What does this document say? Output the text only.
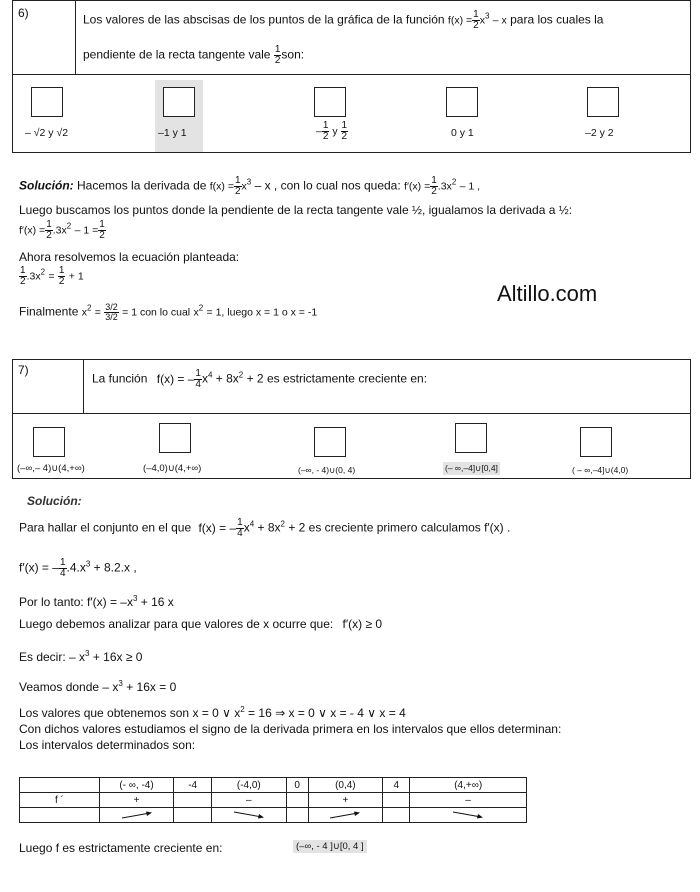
6)	Los valores de las abscisas de los puntos de la gráfica de la función $f(x) = \frac{1}{2} x^3 - x$ para los cuales la
pendiente de la recta tangente vale $\frac{1}{2}$ son:
– √2 y √2	–1 y 1	– $\frac{1}{2}$ y $\frac{1}{2}$	0 y 1	–2 y 2
Solución: Hacemos la derivada de $f(x) = \frac{1}{2} x^3 - x$ , con lo cual nos queda: $f'(x) = \frac{1}{2} .3x^2 - 1$ ,
Luego buscamos los puntos donde la pendiente de la recta tangente vale ½, igualamos la derivada a ½:
$f'(x) = \frac{1}{2} .3x^2 - 1 = \frac{1}{2}$
Ahora resolvemos la ecuación planteada:
$\frac{1}{2} .3x^2 = \frac{1}{2} + 1$
Finalmente $x^2 = \frac{3/2}{3/2} = 1$ con lo cual $x^2 = 1$, luego x = 1 o x = -1
Altillo.com
7)
La función f(x) = – $\frac{1}{4} x^4 + 8x^2 + 2$ es estrictamente creciente en:
(–∞,– 4)∪(4,+∞)	(–4,0)∪(4,+∞)	(–∞, - 4)∪(0, 4)	(– ∞,–4]∪[0,4]	( – ∞,–4]∪(4,0)
Solución:
Para hallar el conjunto en el que f(x) = – $\frac{1}{4} x^4 + 8x^2 + 2$ es creciente primero calculamos f′(x) .
f′(x) = – $\frac{1}{4} .4.x^3 + 8.2.x$ ,
Por lo tanto: $f'(x) = -x^3 + 16$ x
Luego debemos analizar para que valores de x ocurre que: f′(x) ≥ 0
Es decir: – $x^3 + 16x \ge 0$
Veamos donde – $x^3 + 16x = 0$
Los valores que obtenemos son x = 0 ∨ $x^2 = 16$ ⇒ x = 0 ∨ x = - 4 ∨ x = 4
Con dichos valores estudiamos el signo de la derivada primera en los intervalos que ellos determinan:
Los intervalos determinados son:
	(- ∞, -4)	-4	(-4,0)	0	(0,4)	4	(4,+∞)
f ´	+		–		+		–

Luego f es estrictamente creciente en:	(–∞, - 4 ]∪[0, 4 ]
